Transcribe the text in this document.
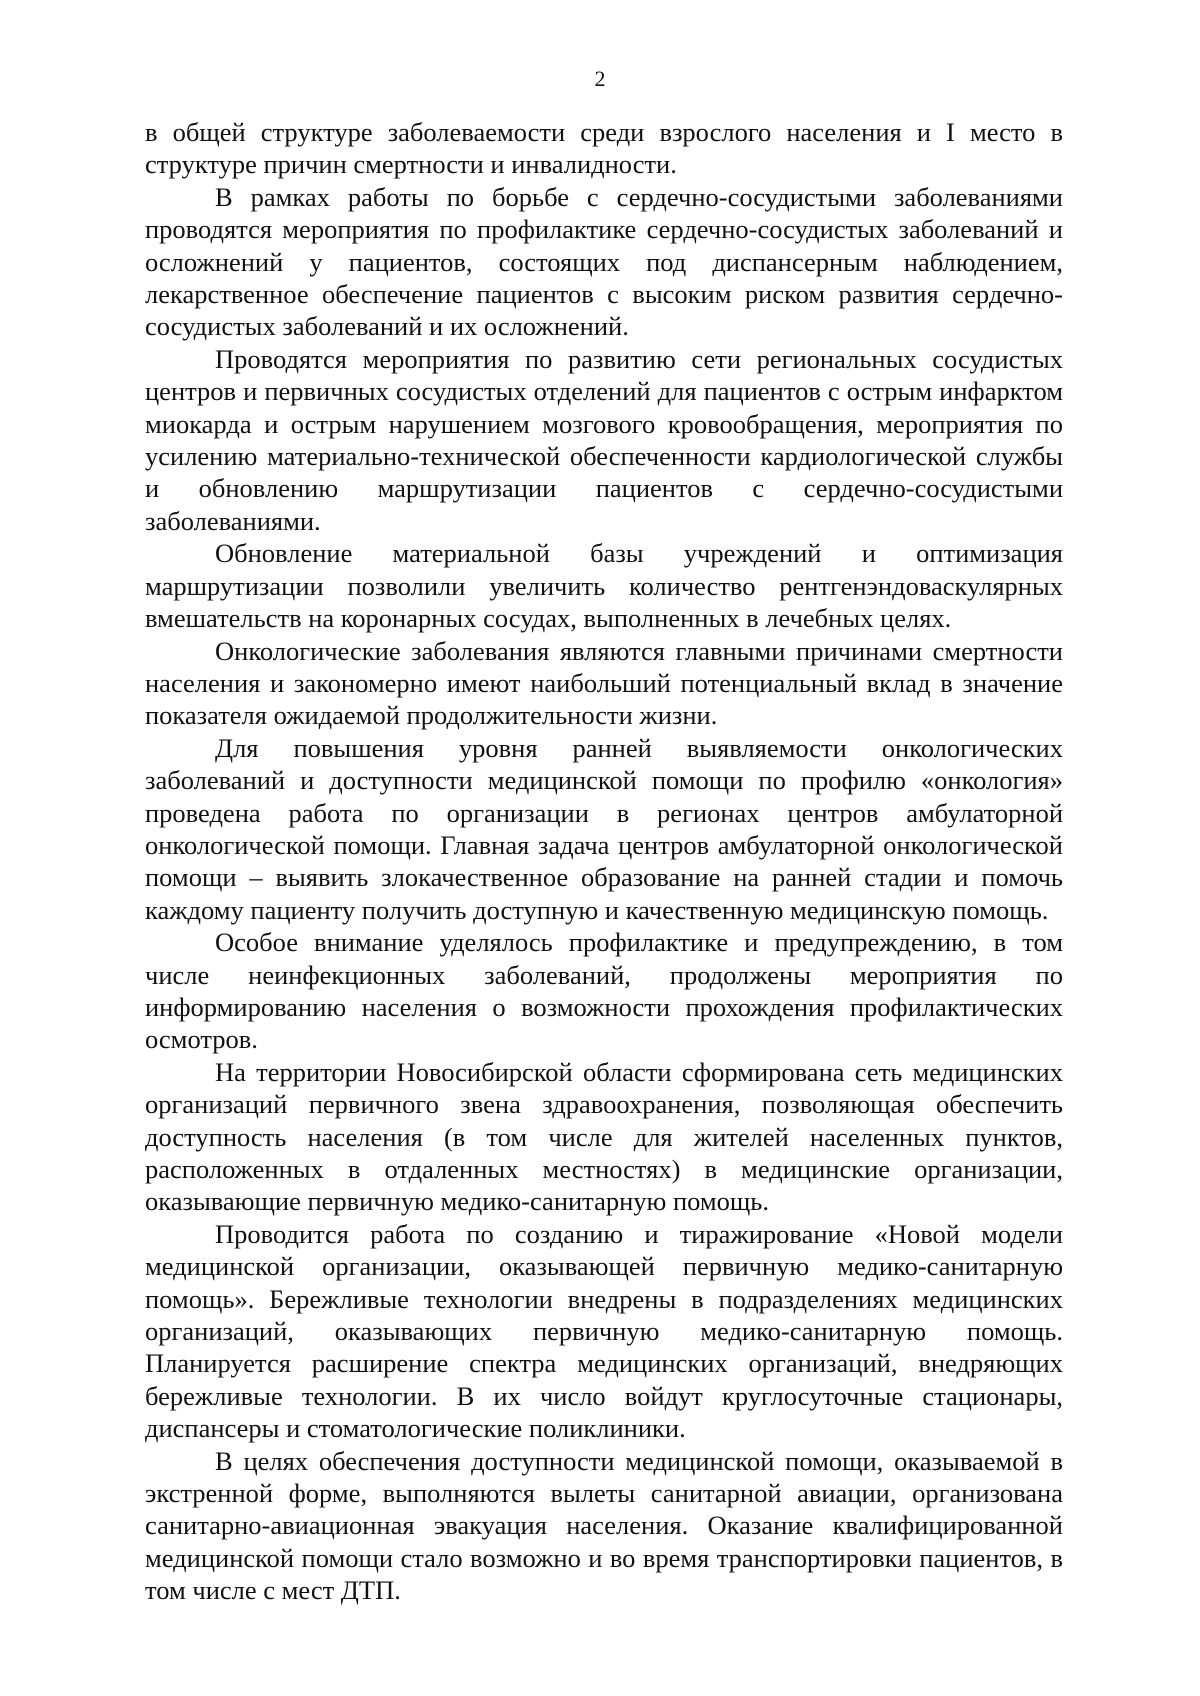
2

в общей структуре заболеваемости среди взрослого населения и I место в структуре причин смертности и инвалидности.

В рамках работы по борьбе с сердечно-сосудистыми заболеваниями проводятся мероприятия по профилактике сердечно-сосудистых заболеваний и осложнений у пациентов, состоящих под диспансерным наблюдением, лекарственное обеспечение пациентов с высоким риском развития сердечно-сосудистых заболеваний и их осложнений.

Проводятся мероприятия по развитию сети региональных сосудистых центров и первичных сосудистых отделений для пациентов с острым инфарктом миокарда и острым нарушением мозгового кровообращения, мероприятия по усилению материально-технической обеспеченности кардиологической службы и обновлению маршрутизации пациентов с сердечно-сосудистыми заболеваниями.

Обновление материальной базы учреждений и оптимизация маршрутизации позволили увеличить количество рентгенэндоваскулярных вмешательств на коронарных сосудах, выполненных в лечебных целях.

Онкологические заболевания являются главными причинами смертности населения и закономерно имеют наибольший потенциальный вклад в значение показателя ожидаемой продолжительности жизни.

Для повышения уровня ранней выявляемости онкологических заболеваний и доступности медицинской помощи по профилю «онкология» проведена работа по организации в регионах центров амбулаторной онкологической помощи. Главная задача центров амбулаторной онкологической помощи – выявить злокачественное образование на ранней стадии и помочь каждому пациенту получить доступную и качественную медицинскую помощь.

Особое внимание уделялось профилактике и предупреждению, в том числе неинфекционных заболеваний, продолжены мероприятия по информированию населения о возможности прохождения профилактических осмотров.

На территории Новосибирской области сформирована сеть медицинских организаций первичного звена здравоохранения, позволяющая обеспечить доступность населения (в том числе для жителей населенных пунктов, расположенных в отдаленных местностях) в медицинские организации, оказывающие первичную медико-санитарную помощь.

Проводится работа по созданию и тиражирование «Новой модели медицинской организации, оказывающей первичную медико-санитарную помощь». Бережливые технологии внедрены в подразделениях медицинских организаций, оказывающих первичную медико-санитарную помощь. Планируется расширение спектра медицинских организаций, внедряющих бережливые технологии. В их число войдут круглосуточные стационары, диспансеры и стоматологические поликлиники.

В целях обеспечения доступности медицинской помощи, оказываемой в экстренной форме, выполняются вылеты санитарной авиации, организована санитарно-авиационная эвакуация населения. Оказание квалифицированной медицинской помощи стало возможно и во время транспортировки пациентов, в том числе с мест ДТП.
